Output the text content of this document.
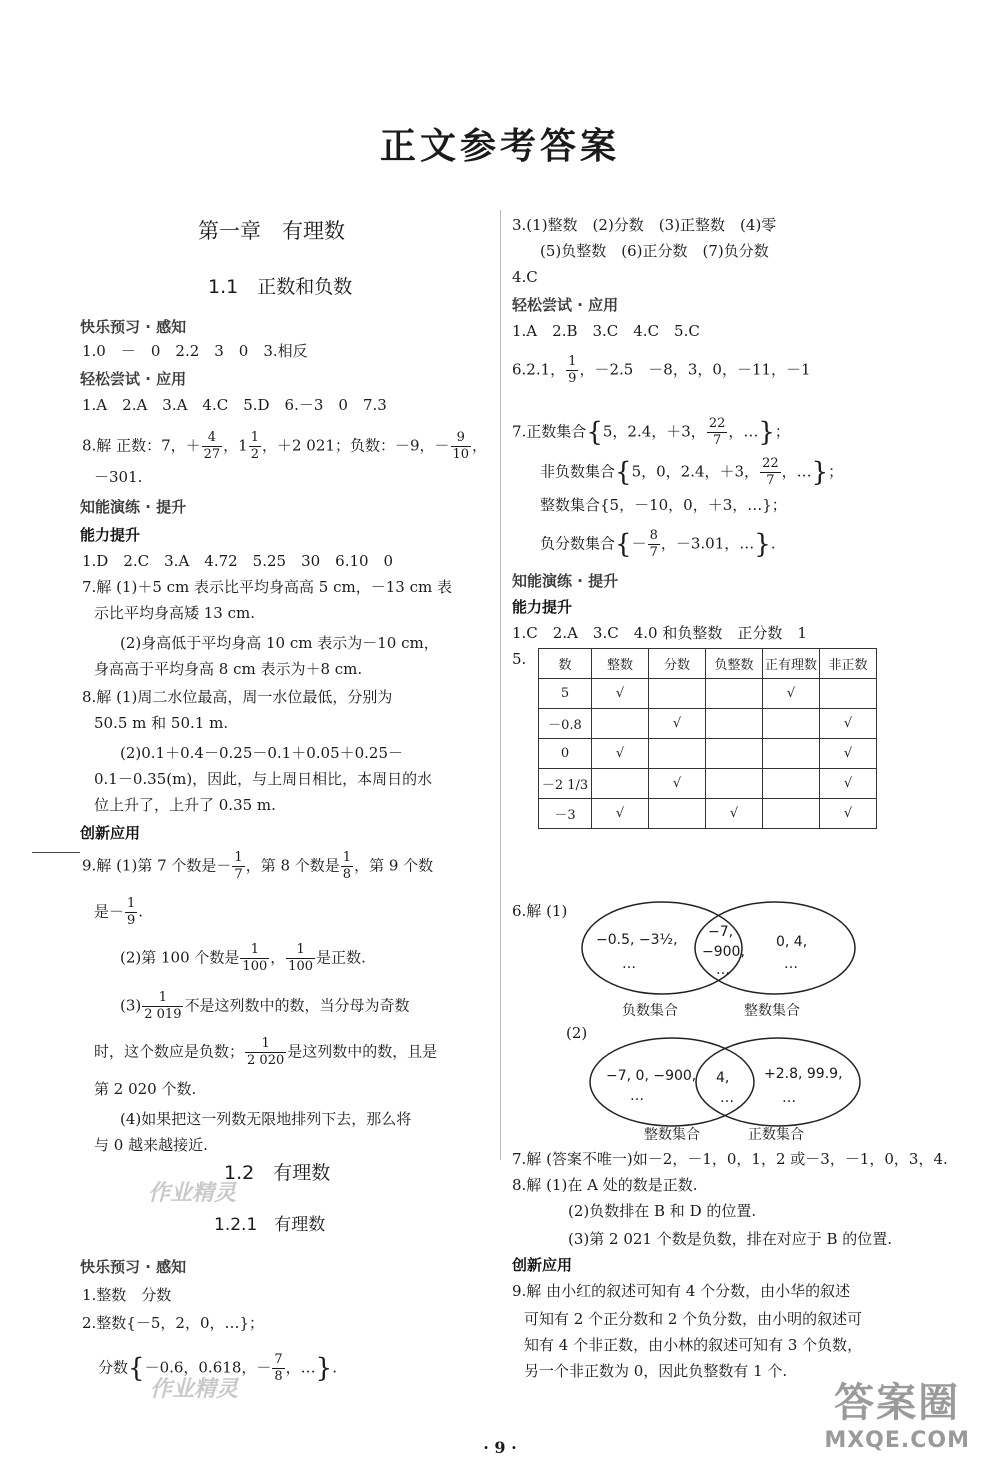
正文参考答案
第一章　有理数
1.1　正数和负数
快乐预习 · 感知
1.0　－　0　2.2　3　0　3.相反
轻松尝试 · 应用
1.A　2.A　3.A　4.C　5.D　6.－3　0　7.3
8.解 正数：7，＋ $\frac{4}{27}$ ，$1 \frac{1}{2}$ ，＋2 021；负数：－9，－ $\frac{9}{10}$ ，
－301.
知能演练 · 提升
能力提升
1.D　2.C　3.A　4.72　5.25　30　6.10　0
7.解 (1)＋5 cm 表示比平均身高高 5 cm，－13 cm 表
示比平均身高矮 13 cm.
(2)身高低于平均身高 10 cm 表示为－10 cm，
身高高于平均身高 8 cm 表示为＋8 cm.
8.解 (1)周二水位最高，周一水位最低，分别为
50.5 m 和 50.1 m.
(2)0.1＋0.4－0.25－0.1＋0.05＋0.25－
0.1－0.35(m)，因此，与上周日相比，本周日的水
位上升了，上升了 0.35 m.
创新应用
9.解 (1)第 7 个数是－ $\frac{1}{7}$ ，第 8 个数是 $\frac{1}{8}$ ，第 9 个数
是－ $\frac{1}{9}$ .
(2)第 100 个数是 $\frac{1}{100}$ ， $\frac{1}{100}$ 是正数.
$(3) \frac{1}{2 019}$ 不是这列数中的数，当分母为奇数
时，这个数应是负数； $\frac{1}{2 020}$ 是这列数中的数，且是
第 2 020 个数.
(4)如果把这一列数无限地排列下去，那么将
与 0 越来越接近.
1.2　有理数
1.2.1　有理数
快乐预习 · 感知
1.整数　分数
2.整数{－5，2，0，…}；
分数{－0.6，0.618，－ $\frac{7}{8}$ ，…}.
3.(1)整数　(2)分数　(3)正整数　(4)零
(5)负整数　(6)正分数　(7)负分数
4.C
轻松尝试 · 应用
1.A　2.B　3.C　4.C　5.C
6.2.1， $\frac{1}{9}$ ，－2.5　－8，3，0，－11，－1
7.正数集合{5，2.4，＋3， $\frac{22}{7}$ ，…}；
非负数集合{5，0，2.4，＋3， $\frac{22}{7}$ ，…}；
整数集合{5，－10，0，＋3，…}；
负分数集合{－ $\frac{8}{7}$ ，－3.01，…}.
知能演练 · 提升
能力提升
1.C　2.A　3.C　4.0 和负整数　正分数　1
5. 数	整数	分数	负整数	正有理数	非正数
5	√			√	
－0.8		√			√
0	√				√
－2 1/3		√			√
－3	√		√		√
6.解 (1)
−0.5, −3½,
…
−7,
−900,
…
0, 4,
…
负数集合	整数集合
(2)
−7, 0, −900,
…
4,
…
+2.8, 99.9,
…
整数集合	正数集合
7.解 (答案不唯一)如－2，－1，0，1，2 或－3，－1，0，3，4.
8.解 (1)在 A 处的数是正数.
(2)负数排在 B 和 D 的位置.
(3)第 2 021 个数是负数，排在对应于 B 的位置.
创新应用
9.解 由小红的叙述可知有 4 个分数，由小华的叙述
可知有 2 个正分数和 2 个负分数，由小明的叙述可
知有 4 个非正数，由小林的叙述可知有 3 个负数，
另一个非正数为 0，因此负整数有 1 个.
作业精灵
作业精灵
· 9 ·
答案圈
MXQE.COM
